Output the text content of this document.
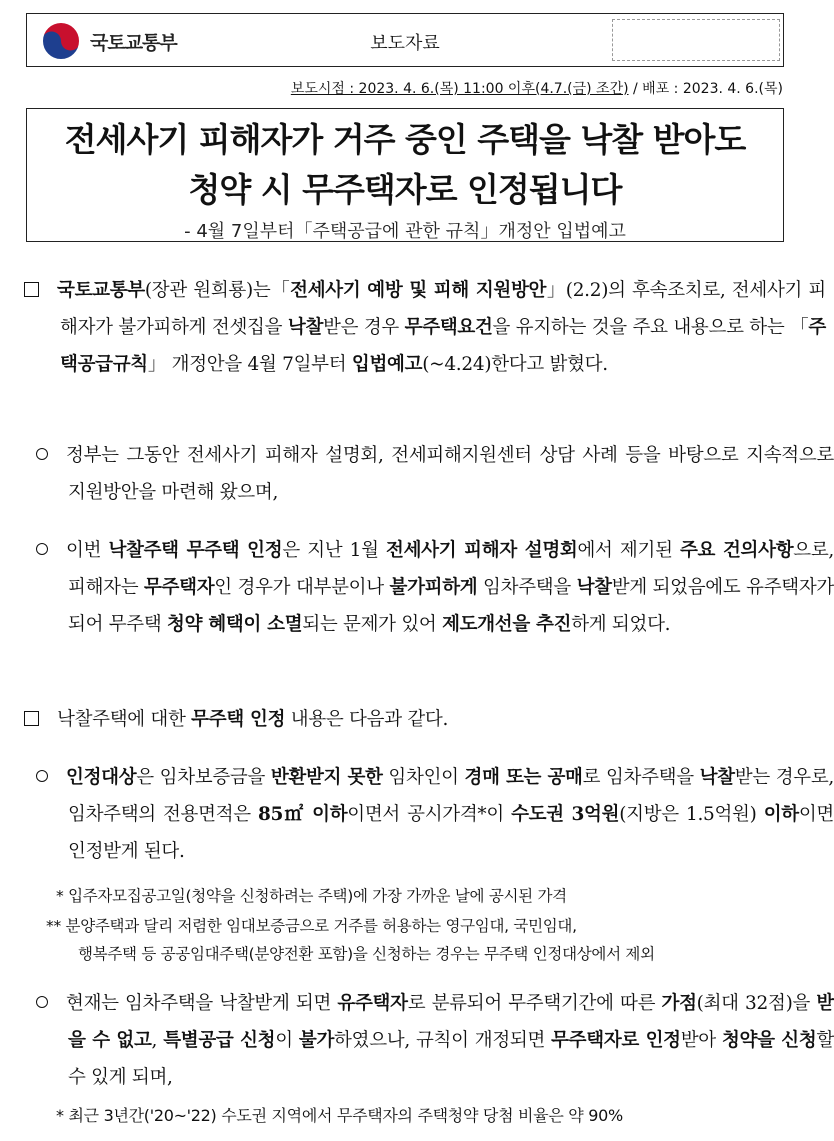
국토교통부	보도자료
보도시점 : 2023. 4. 6.(목) 11:00 이후(4.7.(금) 조간) / 배포 : 2023. 4. 6.(목)
전세사기 피해자가 거주 중인 주택을 낙찰 받아도
청약 시 무주택자로 인정됩니다
- 4월 7일부터「주택공급에 관한 규칙」개정안 입법예고
국토교통부(장관 원희룡)는「전세사기 예방 및 피해 지원방안」(2.2)의 후속조치로, 전세사기 피해자가 불가피하게 전셋집을 낙찰받은 경우 무주택요건을 유지하는 것을 주요 내용으로 하는 「주택공급규칙」 개정안을 4월 7일부터 입법예고(~4.24)한다고 밝혔다.
정부는 그동안 전세사기 피해자 설명회, 전세피해지원센터 상담 사례 등을 바탕으로 지속적으로 지원방안을 마련해 왔으며,
이번 낙찰주택 무주택 인정은 지난 1월 전세사기 피해자 설명회에서 제기된 주요 건의사항으로, 피해자는 무주택자인 경우가 대부분이나 불가피하게 임차주택을 낙찰받게 되었음에도 유주택자가 되어 무주택 청약 혜택이 소멸되는 문제가 있어 제도개선을 추진하게 되었다.
낙찰주택에 대한 무주택 인정 내용은 다음과 같다.
인정대상은 임차보증금을 반환받지 못한 임차인이 경매 또는 공매로 임차주택을 낙찰받는 경우로, 임차주택의 전용면적은 85㎡ 이하이면서 공시가격*이 수도권 3억원(지방은 1.5억원) 이하이면 인정받게 된다.
* 입주자모집공고일(청약을 신청하려는 주택)에 가장 가까운 날에 공시된 가격
** 분양주택과 달리 저렴한 임대보증금으로 거주를 허용하는 영구임대, 국민임대,
행복주택 등 공공임대주택(분양전환 포함)을 신청하는 경우는 무주택 인정대상에서 제외
현재는 임차주택을 낙찰받게 되면 유주택자로 분류되어 무주택기간에 따른 가점(최대 32점)을 받을 수 없고, 특별공급 신청이 불가하였으나, 규칙이 개정되면 무주택자로 인정받아 청약을 신청할 수 있게 되며,
* 최근 3년간('20~'22) 수도권 지역에서 무주택자의 주택청약 당첨 비율은 약 90%
